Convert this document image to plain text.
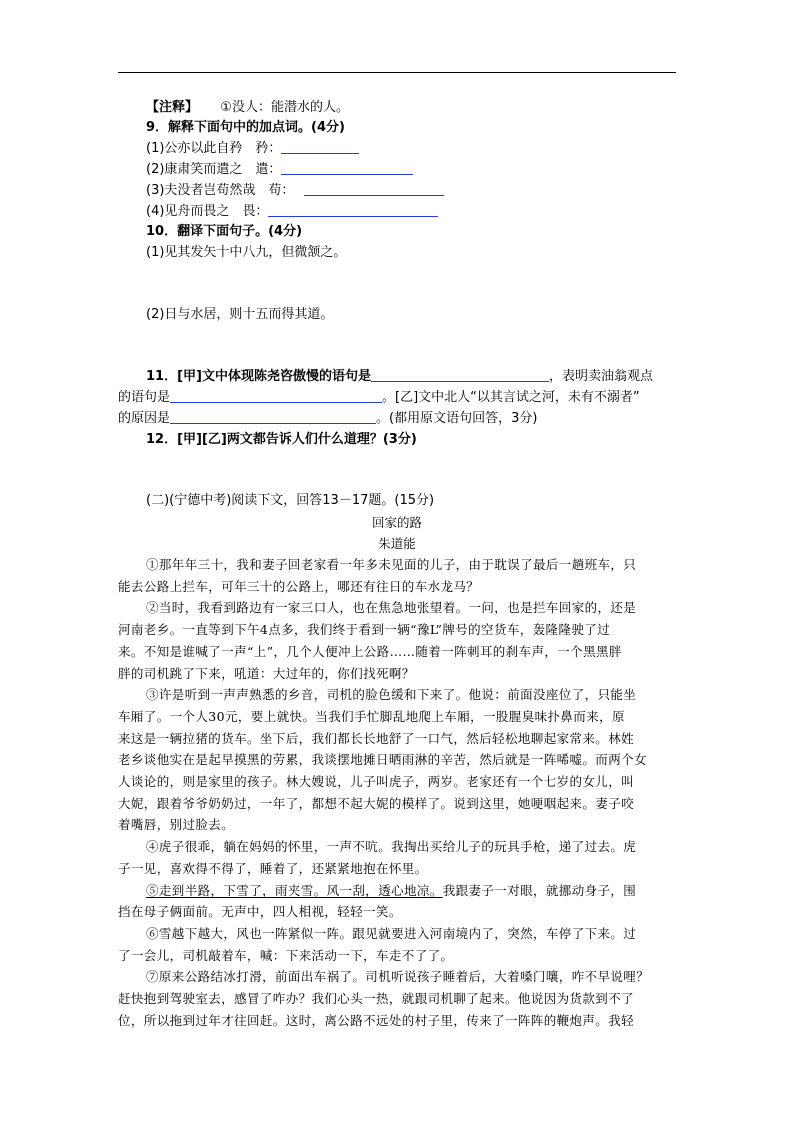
【注释】 ①没人：能潜水的人。
9．解释下面句中的加点词。(4分)
(1)公亦以此自矜　矜：
(2)康肃笑而遣之　遣：
(3)夫没者岂苟然哉　苟：
(4)见舟而畏之　畏：
10．翻译下面句子。(4分)
(1)见其发矢十中八九，但微颔之。
(2)日与水居，则十五而得其道。
11．[甲]文中体现陈尧咨傲慢的语句是	，表明卖油翁观点
的语句是	。[乙]文中北人“以其言试之河，未有不溺者”
的原因是	。(都用原文语句回答，3分)
12．[甲][乙]两文都告诉人们什么道理？(3分)
(二)(宁德中考)阅读下文，回答13－17题。(15分)
回家的路
朱道能
①那年年三十，我和妻子回老家看一年多未见面的儿子，由于耽误了最后一趟班车，只
能去公路上拦车，可年三十的公路上，哪还有往日的车水龙马？
②当时，我看到路边有一家三口人，也在焦急地张望着。一问，也是拦车回家的，还是
河南老乡。一直等到下午4点多，我们终于看到一辆“豫L”牌号的空货车，轰隆隆驶了过
来。不知是谁喊了一声“上”，几个人便冲上公路……随着一阵刺耳的刹车声，一个黑黑胖
胖的司机跳了下来，吼道：大过年的，你们找死啊？
③许是听到一声声熟悉的乡音，司机的脸色缓和下来了。他说：前面没座位了，只能坐
车厢了。一个人30元，要上就快。当我们手忙脚乱地爬上车厢，一股腥臭味扑鼻而来，原
来这是一辆拉猪的货车。坐下后，我们都长长地舒了一口气，然后轻松地聊起家常来。林姓
老乡谈他实在是起早摸黑的劳累，我谈摆地摊日晒雨淋的辛苦，然后就是一阵唏嘘。而两个女
人谈论的，则是家里的孩子。林大嫂说，儿子叫虎子，两岁。老家还有一个七岁的女儿，叫
大妮，跟着爷爷奶奶过，一年了，都想不起大妮的模样了。说到这里，她哽咽起来。妻子咬
着嘴唇，别过脸去。
④虎子很乖，躺在妈妈的怀里，一声不吭。我掏出买给儿子的玩具手枪，递了过去。虎
子一见，喜欢得不得了，睡着了，还紧紧地抱在怀里。
⑤走到半路，下雪了，雨夹雪。风一刮，透心地凉。我跟妻子一对眼，就挪动身子，围
挡在母子俩面前。无声中，四人相视，轻轻一笑。
⑥雪越下越大，风也一阵紧似一阵。跟见就要进入河南境内了，突然，车停了下来。过
了一会儿，司机敲着车，喊：下来活动一下，车走不了了。
⑦原来公路结冰打滑，前面出车祸了。司机听说孩子睡着后，大着嗓门嚷，咋不早说哩？
赶快抱到驾驶室去，感冒了咋办？我们心头一热，就跟司机聊了起来。他说因为货款到不了
位，所以拖到过年才往回赶。这时，离公路不远处的村子里，传来了一阵阵的鞭炮声。我轻
